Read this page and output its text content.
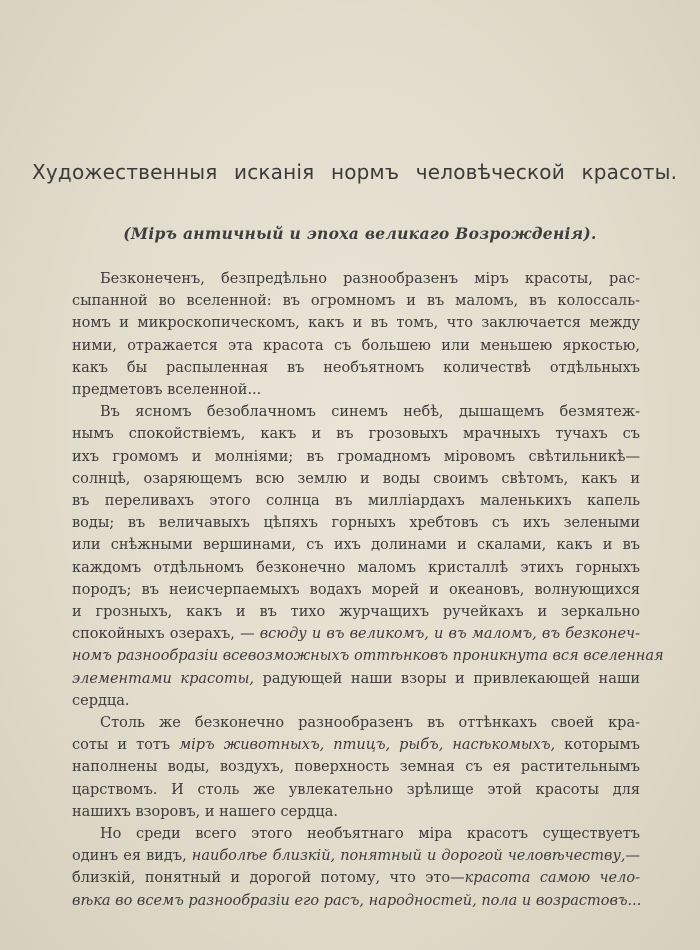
Художественныя исканія нормъ человѣческой красоты.
(Міръ античный и эпоха великаго Возрожденія).
Безконеченъ, безпредѣльно разнообразенъ міръ красоты, рас-
сыпанной во вселенной: въ огромномъ и въ маломъ, въ колоссаль-
номъ и микроскопическомъ, какъ и въ томъ, что заключается между
ними, отражается эта красота съ большею или меньшею яркостью,
какъ бы распыленная въ необъятномъ количествѣ отдѣльныхъ
предметовъ вселенной...
Въ ясномъ безоблачномъ синемъ небѣ, дышащемъ безмятеж-
нымъ спокойствіемъ, какъ и въ грозовыхъ мрачныхъ тучахъ съ
ихъ громомъ и молніями; въ громадномъ міровомъ свѣтильникѣ—
солнцѣ, озаряющемъ всю землю и воды своимъ свѣтомъ, какъ и
въ переливахъ этого солнца въ милліардахъ маленькихъ капель
воды; въ величавыхъ цѣпяхъ горныхъ хребтовъ съ ихъ зелеными
или снѣжными вершинами, съ ихъ долинами и скалами, какъ и въ
каждомъ отдѣльномъ безконечно маломъ кристаллѣ этихъ горныхъ
породъ; въ неисчерпаемыхъ водахъ морей и океановъ, волнующихся
и грозныхъ, какъ и въ тихо журчащихъ ручейкахъ и зеркально
спокойныхъ озерахъ, — всюду и въ великомъ, и въ маломъ, въ безконеч-
номъ разнообразіи всевозможныхъ оттѣнковъ проникнута вся вселенная
элементами красоты, радующей наши взоры и привлекающей наши
сердца.
Столь же безконечно разнообразенъ въ оттѣнкахъ своей кра-
соты и тотъ міръ животныхъ, птицъ, рыбъ, насѣкомыхъ, которымъ
наполнены воды, воздухъ, поверхность земная съ ея растительнымъ
царствомъ. И столь же увлекательно зрѣлище этой красоты для
нашихъ взоровъ, и нашего сердца.
Но среди всего этого необъятнаго міра красотъ существуетъ
одинъ ея видъ, наиболѣе близкій, понятный и дорогой человѣчеству,—
близкій, понятный и дорогой потому, что это—красота самою чело-
вѣка во всемъ разнообразіи его расъ, народностей, пола и возрастовъ...
